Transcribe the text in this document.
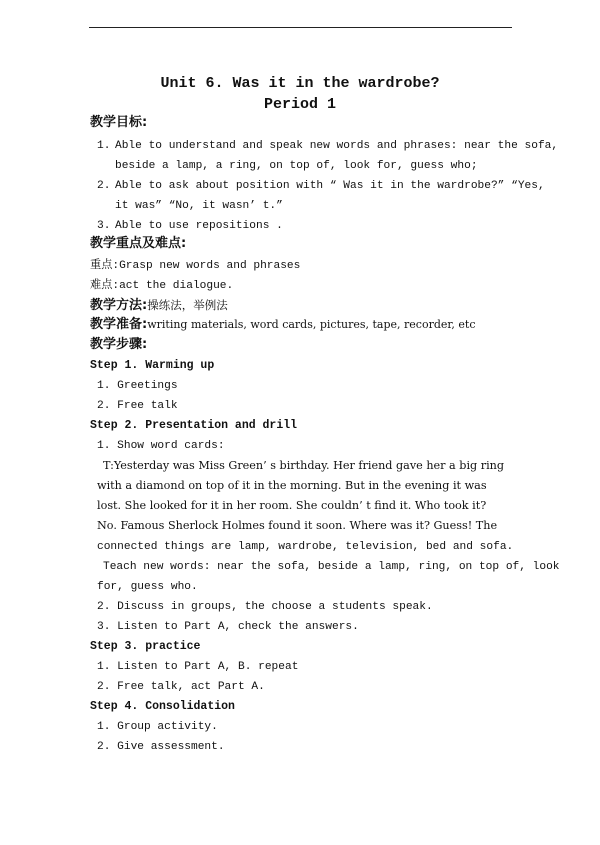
Unit 6. Was it in the wardrobe?
Period 1
教学目标:
1. Able to understand and speak new words and phrases: near the sofa,
beside a lamp, a ring, on top of, look for, guess who;
2. Able to ask about position with “ Was it in the wardrobe?” “Yes,
it was” “No, it wasn’ t.”
3. Able to use repositions .
教学重点及难点:
重点:Grasp new words and phrases
难点:act the dialogue.
教学方法:操练法，举例法
教学准备:writing materials, word cards, pictures, tape, recorder, etc
教学步骤:
Step 1. Warming up
1. Greetings
2. Free talk
Step 2. Presentation and drill
1. Show word cards:
T:Yesterday was Miss Green’ s birthday. Her friend gave her a big ring
with a diamond on top of it in the morning. But in the evening it was
lost. She looked for it in her room. She couldn’ t find it. Who took it?
No. Famous Sherlock Holmes found it soon. Where was it? Guess! The
connected things are lamp, wardrobe, television, bed and sofa.
Teach new words: near the sofa, beside a lamp, ring, on top of, look
for, guess who.
2. Discuss in groups, the choose a students speak.
3. Listen to Part A, check the answers.
Step 3. practice
1. Listen to Part A, B. repeat
2. Free talk, act Part A.
Step 4. Consolidation
1. Group activity.
2. Give assessment.
